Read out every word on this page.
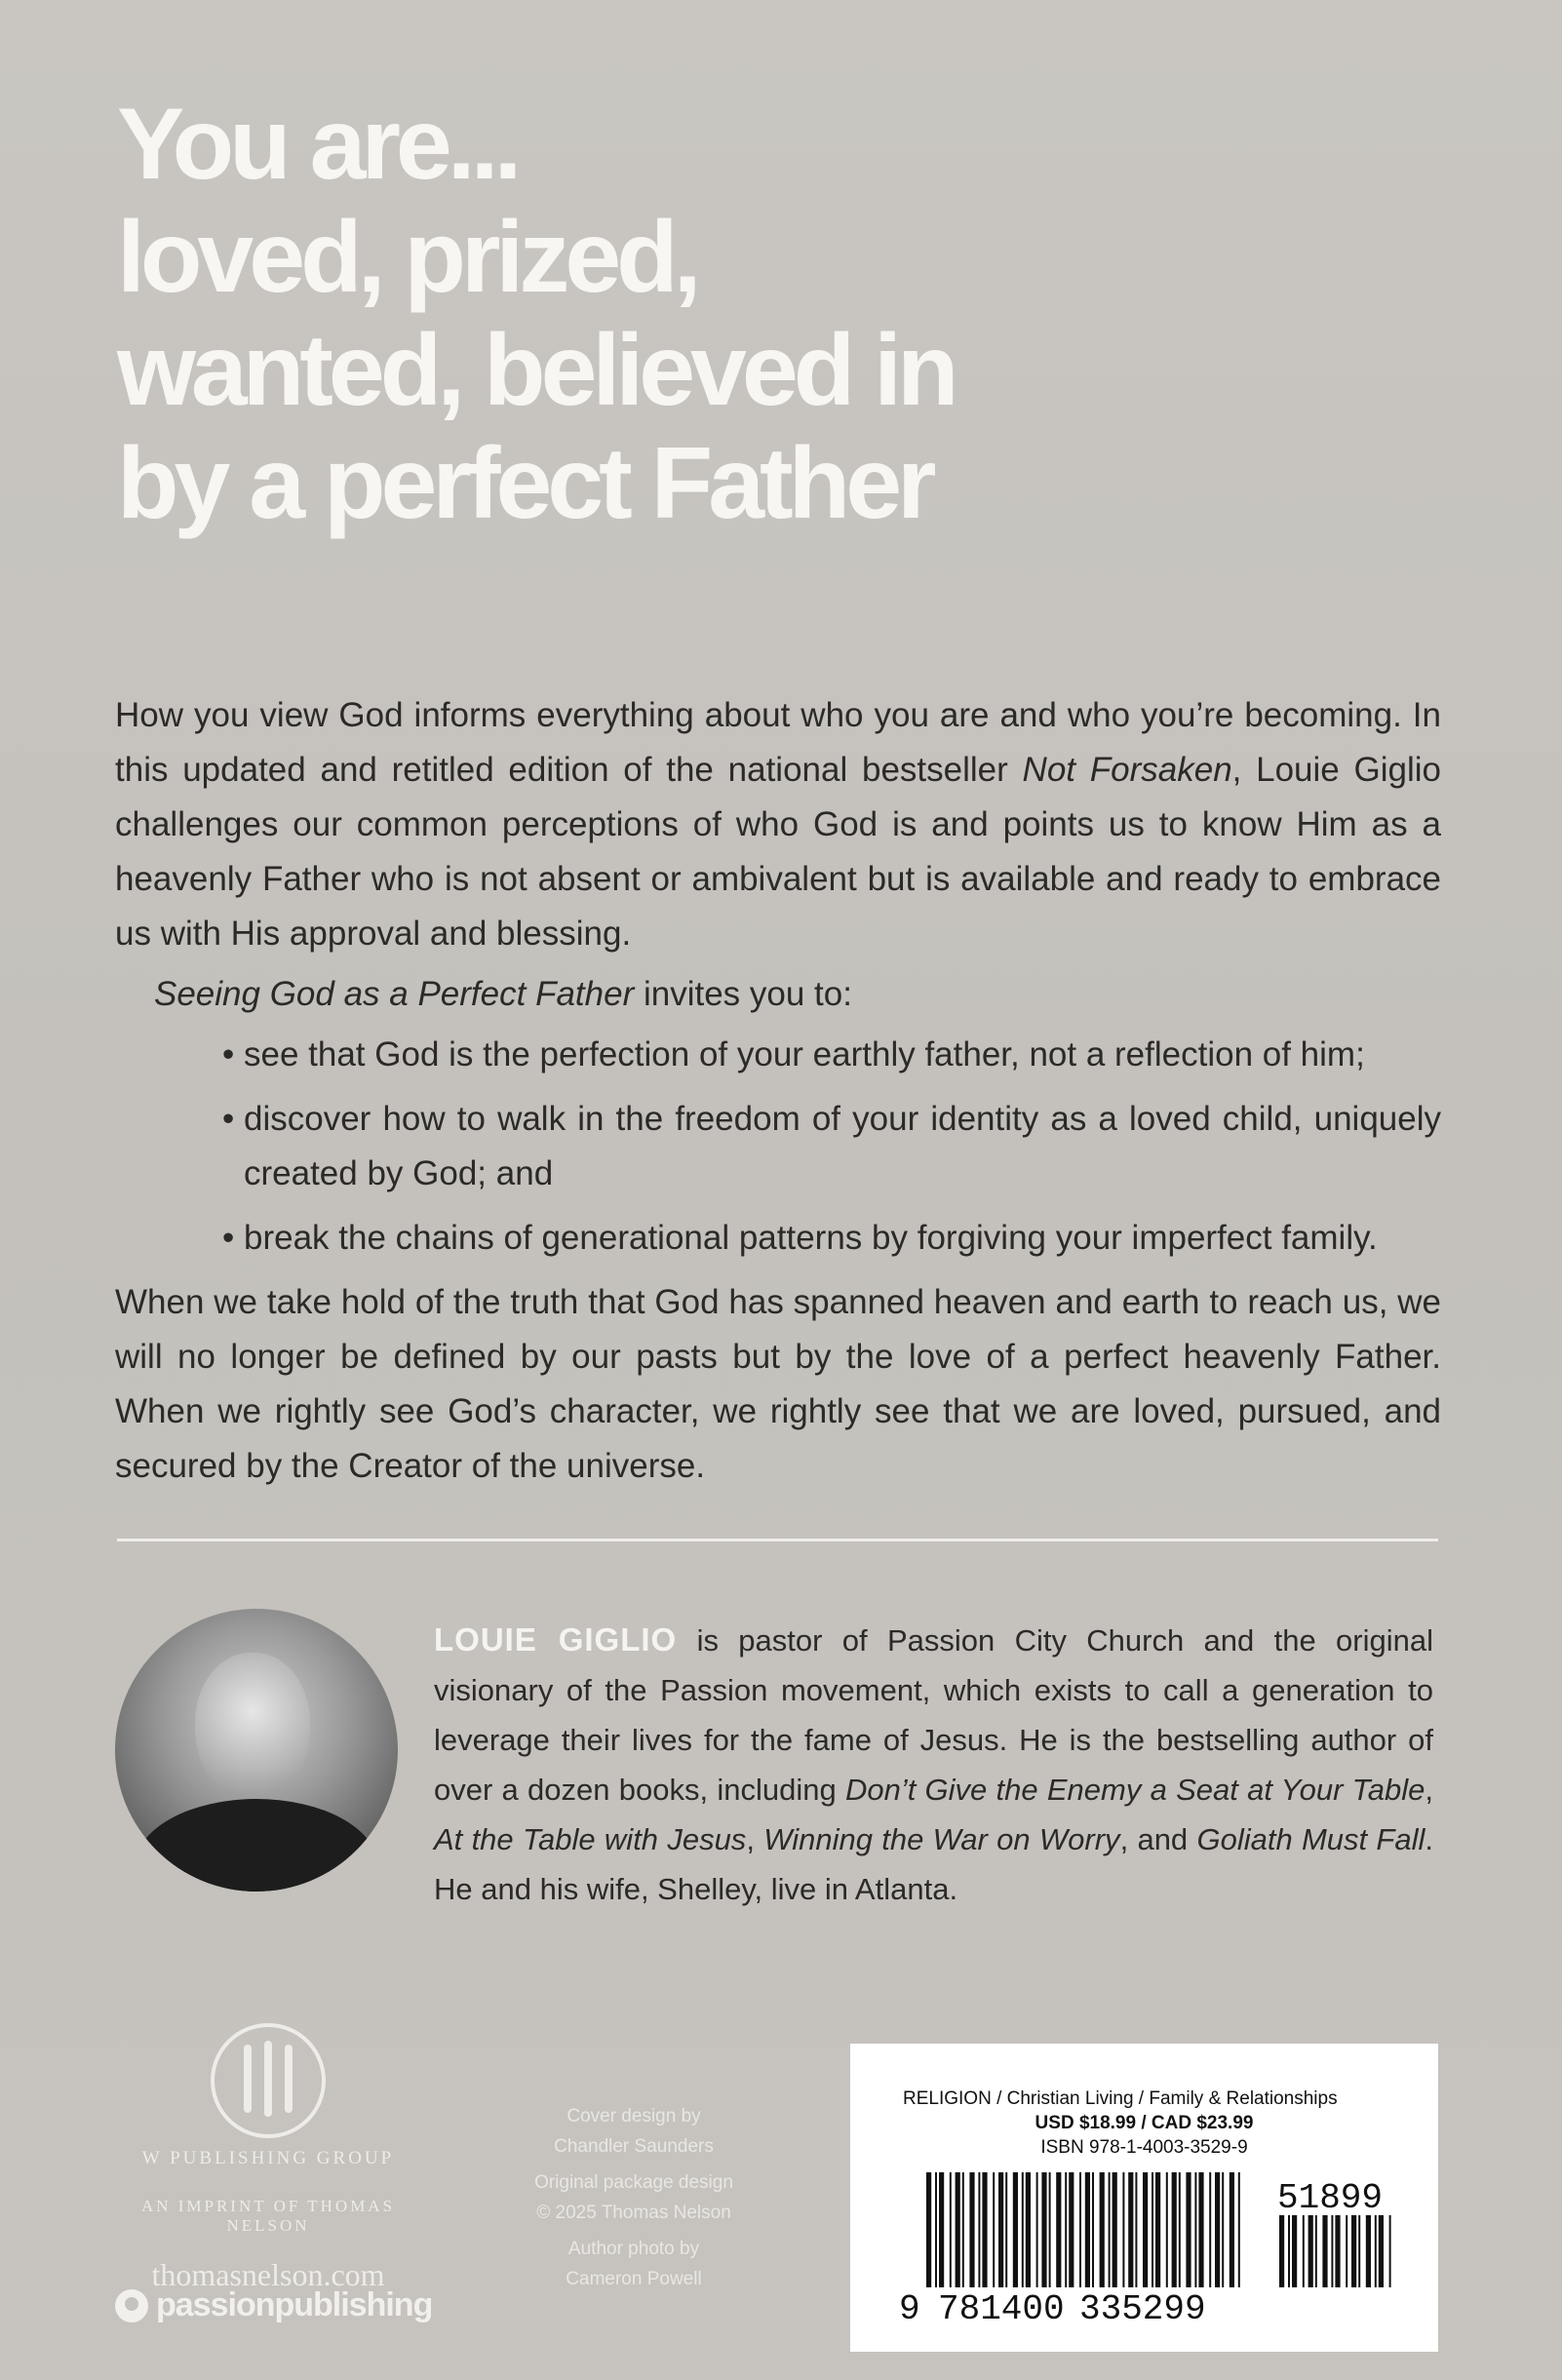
You are...
loved, prized,
wanted, believed in
by a perfect Father

How you view God informs everything about who you are and who you’re becoming. In this updated and retitled edition of the national bestseller Not Forsaken, Louie Giglio challenges our common perceptions of who God is and points us to know Him as a heavenly Father who is not absent or ambivalent but is available and ready to embrace us with His approval and blessing.

Seeing God as a Perfect Father invites you to:

• see that God is the perfection of your earthly father, not a reflection of him;
• discover how to walk in the freedom of your identity as a loved child, uniquely created by God; and
• break the chains of generational patterns by forgiving your imperfect family.

When we take hold of the truth that God has spanned heaven and earth to reach us, we will no longer be defined by our pasts but by the love of a perfect heavenly Father. When we rightly see God’s character, we rightly see that we are loved, pursued, and secured by the Creator of the universe.

LOUIE GIGLIO is pastor of Passion City Church and the original visionary of the Passion movement, which exists to call a generation to leverage their lives for the fame of Jesus. He is the bestselling author of over a dozen books, including Don’t Give the Enemy a Seat at Your Table, At the Table with Jesus, Winning the War on Worry, and Goliath Must Fall. He and his wife, Shelley, live in Atlanta.
W PUBLISHING GROUP
AN IMPRINT OF THOMAS NELSON
thomasnelson.com
passionpublishing

Cover design by
Chandler Saunders

Original package design
© 2025 Thomas Nelson

Author photo by
Cameron Powell

RELIGION / Christian Living / Family & Relationships
USD $18.99 / CAD $23.99
ISBN 978-1-4003-3529-9
9 781400 335299
51899
